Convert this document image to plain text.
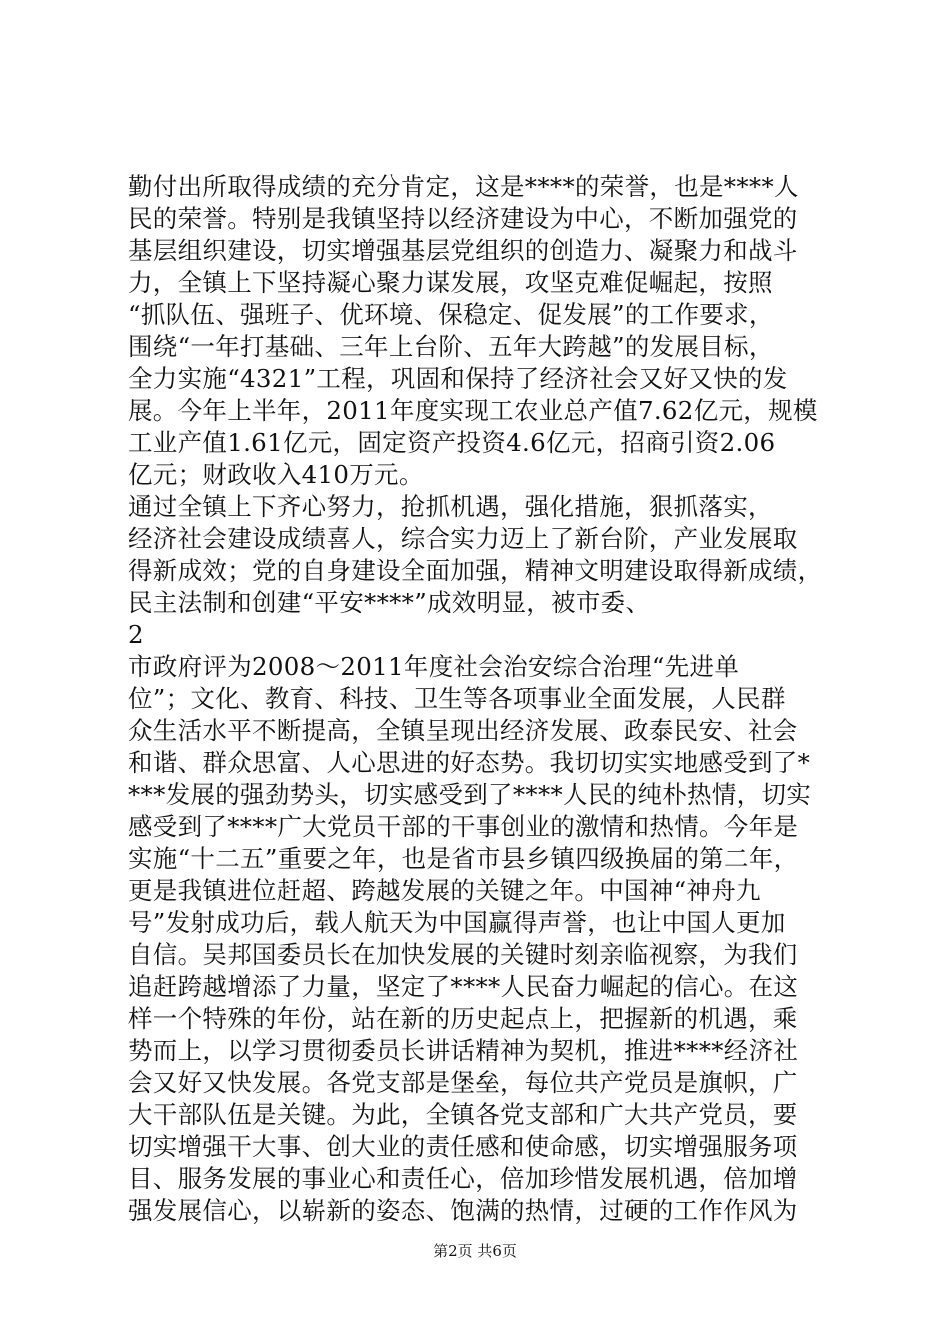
勤付出所取得成绩的充分肯定，这是****的荣誉，也是****人

民的荣誉。特别是我镇坚持以经济建设为中心，不断加强党的

基层组织建设，切实增强基层党组织的创造力、凝聚力和战斗

力，全镇上下坚持凝心聚力谋发展，攻坚克难促崛起，按照

“抓队伍、强班子、优环境、保稳定、促发展”的工作要求，

围绕“一年打基础、三年上台阶、五年大跨越”的发展目标，

全力实施“4321”工程，巩固和保持了经济社会又好又快的发

展。今年上半年，2011年度实现工农业总产值7.62亿元，规模

工业产值1.61亿元，固定资产投资4.6亿元，招商引资2.06

亿元；财政收入410万元。

通过全镇上下齐心努力，抢抓机遇，强化措施，狠抓落实，

经济社会建设成绩喜人，综合实力迈上了新台阶，产业发展取

得新成效；党的自身建设全面加强，精神文明建设取得新成绩，

民主法制和创建“平安****”成效明显，被市委、

2

市政府评为2008～2011年度社会治安综合治理“先进单

位”；文化、教育、科技、卫生等各项事业全面发展，人民群

众生活水平不断提高，全镇呈现出经济发展、政泰民安、社会

和谐、群众思富、人心思进的好态势。我切切实实地感受到了*

***发展的强劲势头，切实感受到了****人民的纯朴热情，切实

感受到了****广大党员干部的干事创业的激情和热情。今年是

实施“十二五”重要之年，也是省市县乡镇四级换届的第二年，

更是我镇进位赶超、跨越发展的关键之年。中国神“神舟九

号”发射成功后，载人航天为中国赢得声誉，也让中国人更加

自信。吴邦国委员长在加快发展的关键时刻亲临视察，为我们

追赶跨越增添了力量，坚定了****人民奋力崛起的信心。在这

样一个特殊的年份，站在新的历史起点上，把握新的机遇，乘

势而上，以学习贯彻委员长讲话精神为契机，推进****经济社

会又好又快发展。各党支部是堡垒，每位共产党员是旗帜，广

大干部队伍是关键。为此，全镇各党支部和广大共产党员，要

切实增强干大事、创大业的责任感和使命感，切实增强服务项

目、服务发展的事业心和责任心，倍加珍惜发展机遇，倍加增

强发展信心，以崭新的姿态、饱满的热情，过硬的工作作风为

第2页 共6页
